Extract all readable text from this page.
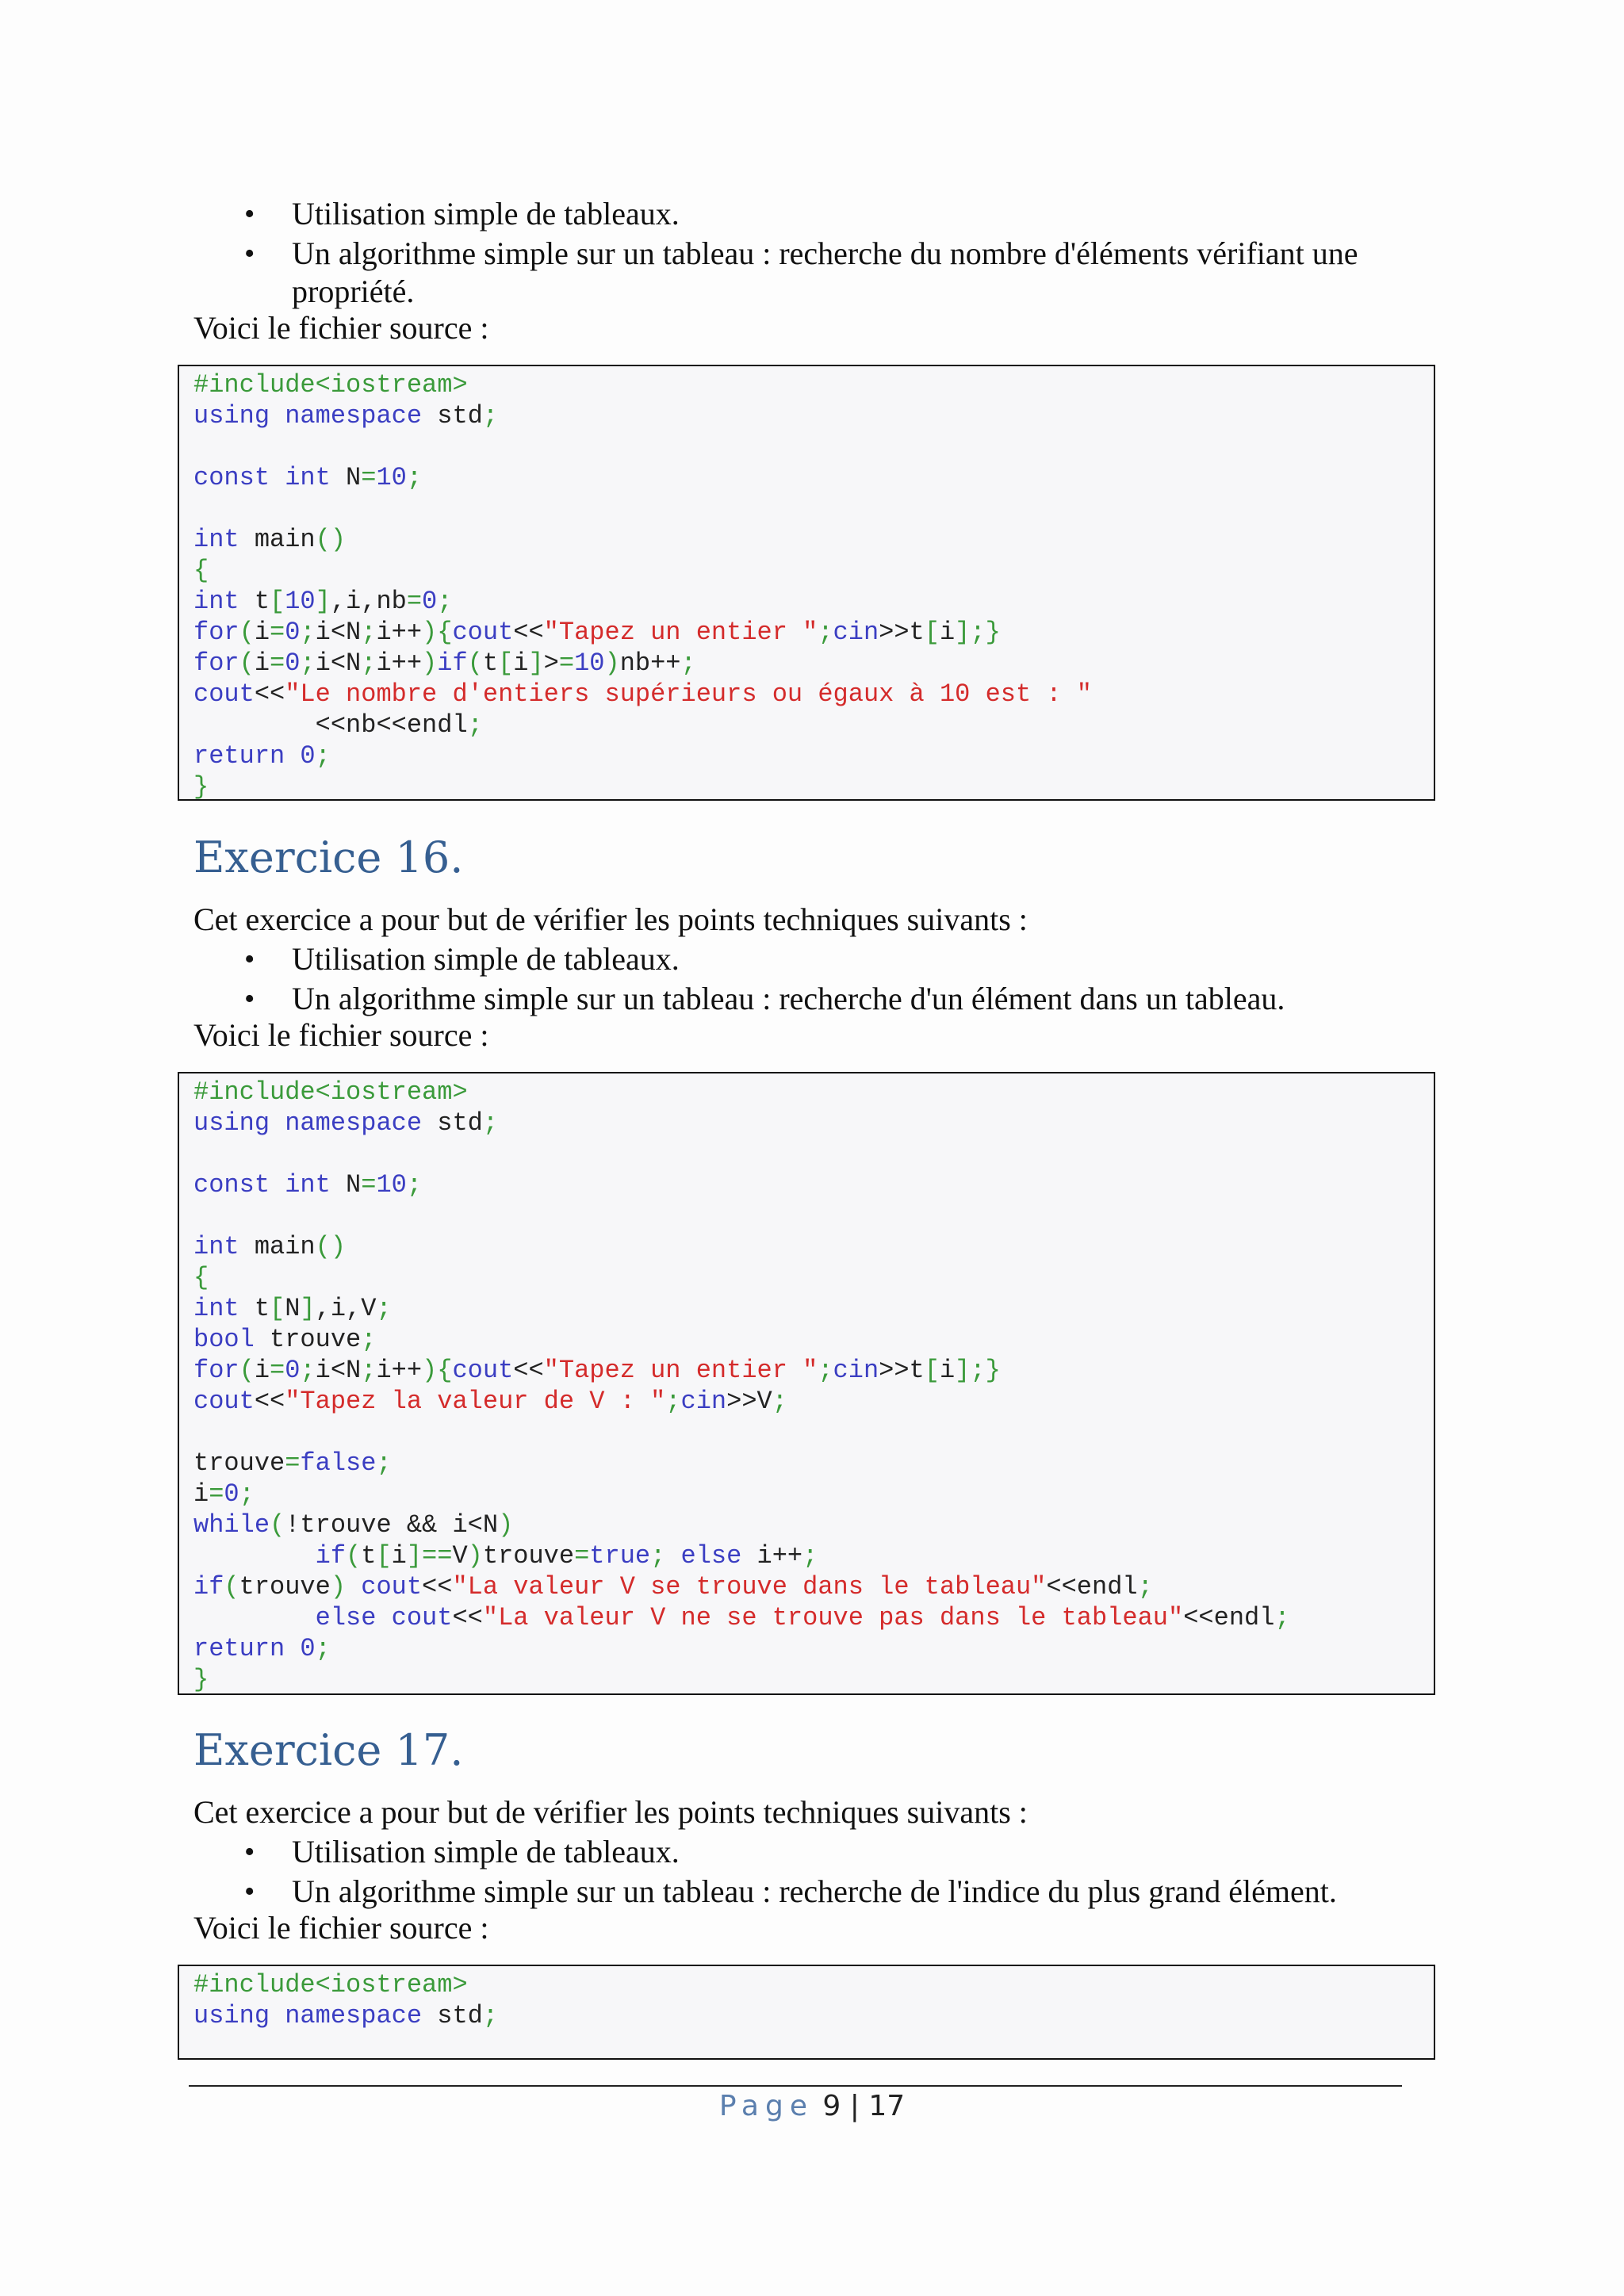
• Utilisation simple de tableaux.
• Un algorithme simple sur un tableau : recherche du nombre d'éléments vérifiant une propriété.
Voici le fichier source :
#include<iostream>
using namespace std;

const int N=10;

int main()
{
int t[10],i,nb=0;
for(i=0;i<N;i++){cout<<"Tapez un entier ";cin>>t[i];}
for(i=0;i<N;i++)if(t[i]>=10)nb++;
cout<<"Le nombre d'entiers supérieurs ou égaux à 10 est : "
<<nb<<endl;
return 0;
}
Exercice 16.
Cet exercice a pour but de vérifier les points techniques suivants :
• Utilisation simple de tableaux.
• Un algorithme simple sur un tableau : recherche d'un élément dans un tableau.
Voici le fichier source :
#include<iostream>
using namespace std;

const int N=10;

int main()
{
int t[N],i,V;
bool trouve;
for(i=0;i<N;i++){cout<<"Tapez un entier ";cin>>t[i];}
cout<<"Tapez la valeur de V : ";cin>>V;

trouve=false;
i=0;
while(!trouve && i<N)
if(t[i]==V)trouve=true; else i++;
if(trouve) cout<<"La valeur V se trouve dans le tableau"<<endl;
else cout<<"La valeur V ne se trouve pas dans le tableau"<<endl;
return 0;
}
Exercice 17.
Cet exercice a pour but de vérifier les points techniques suivants :
• Utilisation simple de tableaux.
• Un algorithme simple sur un tableau : recherche de l'indice du plus grand élément.
Voici le fichier source :
#include<iostream>
using namespace std;
Page 9 | 17
